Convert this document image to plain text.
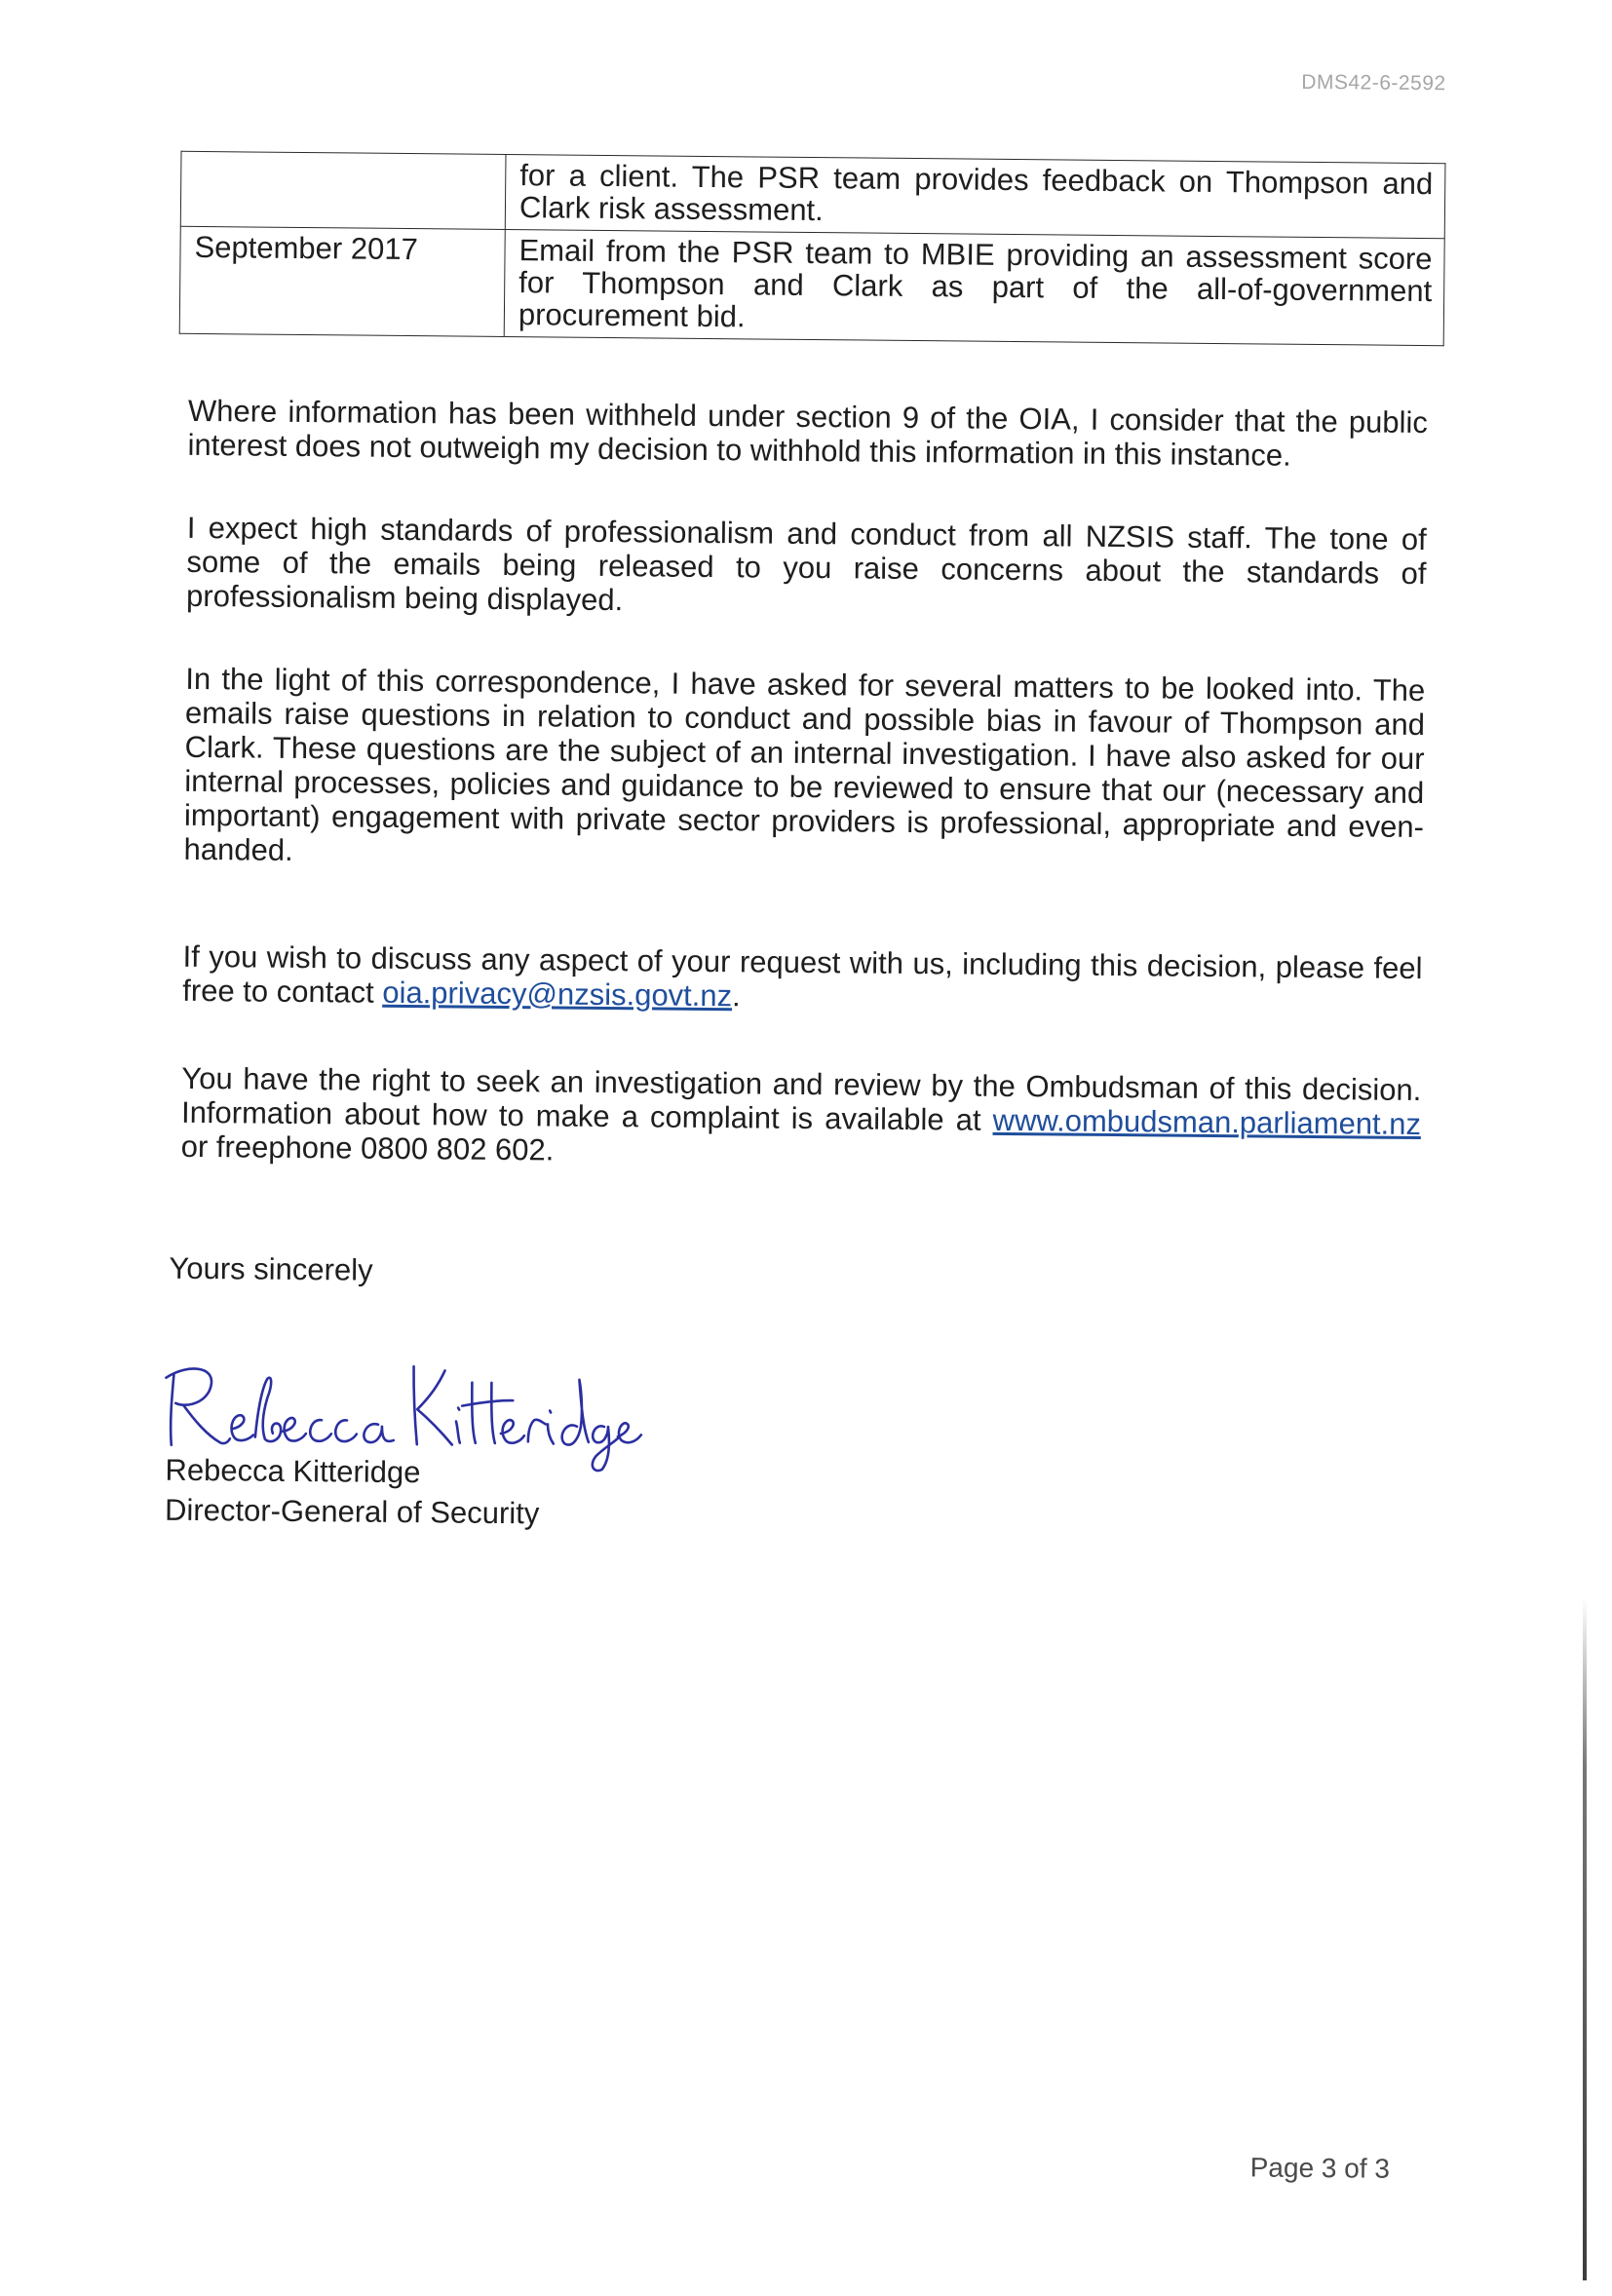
DMS42-6-2592
	for a client. The PSR team provides feedback on Thompson and Clark risk assessment.
September 2017	Email from the PSR team to MBIE providing an assessment score for Thompson and Clark as part of the all-of-government procurement bid.

Where information has been withheld under section 9 of the OIA, I consider that the public interest does not outweigh my decision to withhold this information in this instance.

I expect high standards of professionalism and conduct from all NZSIS staff. The tone of some of the emails being released to you raise concerns about the standards of professionalism being displayed.

In the light of this correspondence, I have asked for several matters to be looked into. The emails raise questions in relation to conduct and possible bias in favour of Thompson and Clark. These questions are the subject of an internal investigation. I have also asked for our internal processes, policies and guidance to be reviewed to ensure that our (necessary and important) engagement with private sector providers is professional, appropriate and even-handed.

If you wish to discuss any aspect of your request with us, including this decision, please feel free to contact oia.privacy@nzsis.govt.nz.

You have the right to seek an investigation and review by the Ombudsman of this decision. Information about how to make a complaint is available at www.ombudsman.parliament.nz or freephone 0800 802 602.

Yours sincerely
Rebecca Kitteridge
Director-General of Security
Page 3 of 3
